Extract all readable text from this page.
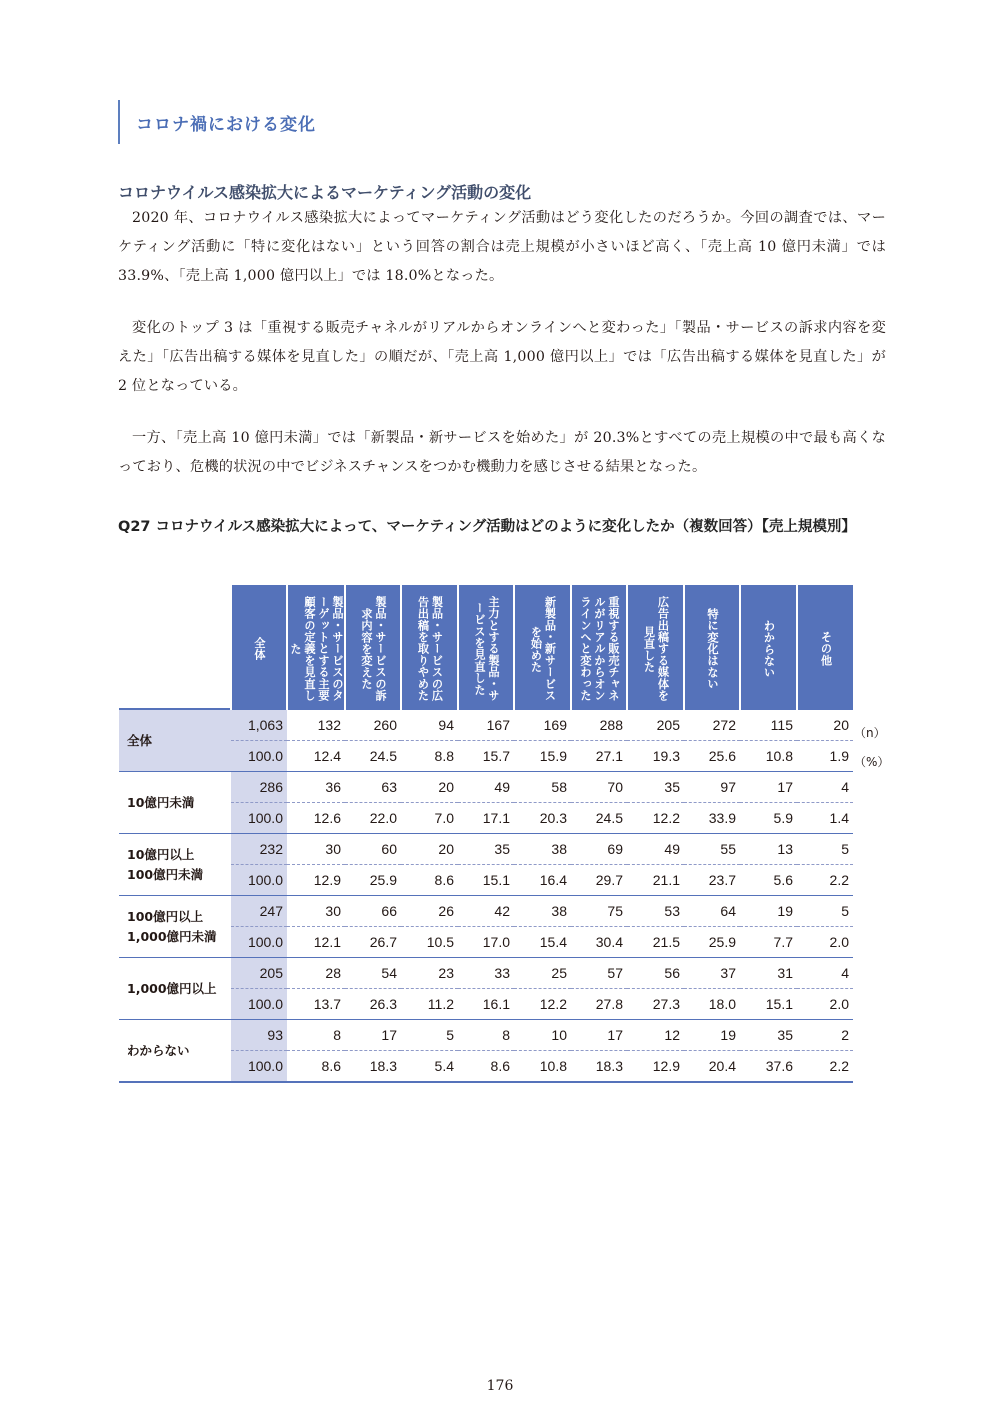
コロナ禍における変化
コロナウイルス感染拡大によるマーケティング活動の変化

2020 年、コロナウイルス感染拡大によってマーケティング活動はどう変化したのだろうか。今回の調査では、マーケティング活動に「特に変化はない」という回答の割合は売上規模が小さいほど高く、「売上高 10 億円未満」では 33.9%、「売上高 1,000 億円以上」では 18.0%となった。

変化のトップ 3 は「重視する販売チャネルがリアルからオンラインへと変わった」「製品・サービスの訴求内容を変えた」「広告出稿する媒体を見直した」の順だが、「売上高 1,000 億円以上」では「広告出稿する媒体を見直した」が 2 位となっている。

一方、「売上高 10 億円未満」では「新製品・新サービスを始めた」が 20.3%とすべての売上規模の中で最も高くなっており、危機的状況の中でビジネスチャンスをつかむ機動力を感じさせる結果となった。

Q27 コロナウイルス感染拡大によって、マーケティング活動はどのように変化したか（複数回答）【売上規模別】

	全体	製品・サービスのターゲットとする主要顧客の定義を見直した	製品・サービスの訴求内容を変えた	製品・サービスの広告出稿を取りやめた	主力とする製品・サービスを見直した	新製品・新サービスを始めた	重視する販売チャネルがリアルからオンラインへと変わった	広告出稿する媒体を見直した	特に変化はない	わからない	その他

全体	1,063	132	260	94	167	169	288	205	272	115	20
	100.0	12.4	24.5	8.8	15.7	15.9	27.1	19.3	25.6	10.8	1.9
10億円未満	286	36	63	20	49	58	70	35	97	17	4
	100.0	12.6	22.0	7.0	17.1	20.3	24.5	12.2	33.9	5.9	1.4
10億円以上
100億円未満	232	30	60	20	35	38	69	49	55	13	5
	100.0	12.9	25.9	8.6	15.1	16.4	29.7	21.1	23.7	5.6	2.2
100億円以上
1,000億円未満	247	30	66	26	42	38	75	53	64	19	5
	100.0	12.1	26.7	10.5	17.0	15.4	30.4	21.5	25.9	7.7	2.0
1,000億円以上	205	28	54	23	33	25	57	56	37	31	4
	100.0	13.7	26.3	11.2	16.1	12.2	27.8	27.3	18.0	15.1	2.0
わからない	93	8	17	5	8	10	17	12	19	35	2
	100.0	8.6	18.3	5.4	8.6	10.8	18.3	12.9	20.4	37.6	2.2
（n）
（%）
176
